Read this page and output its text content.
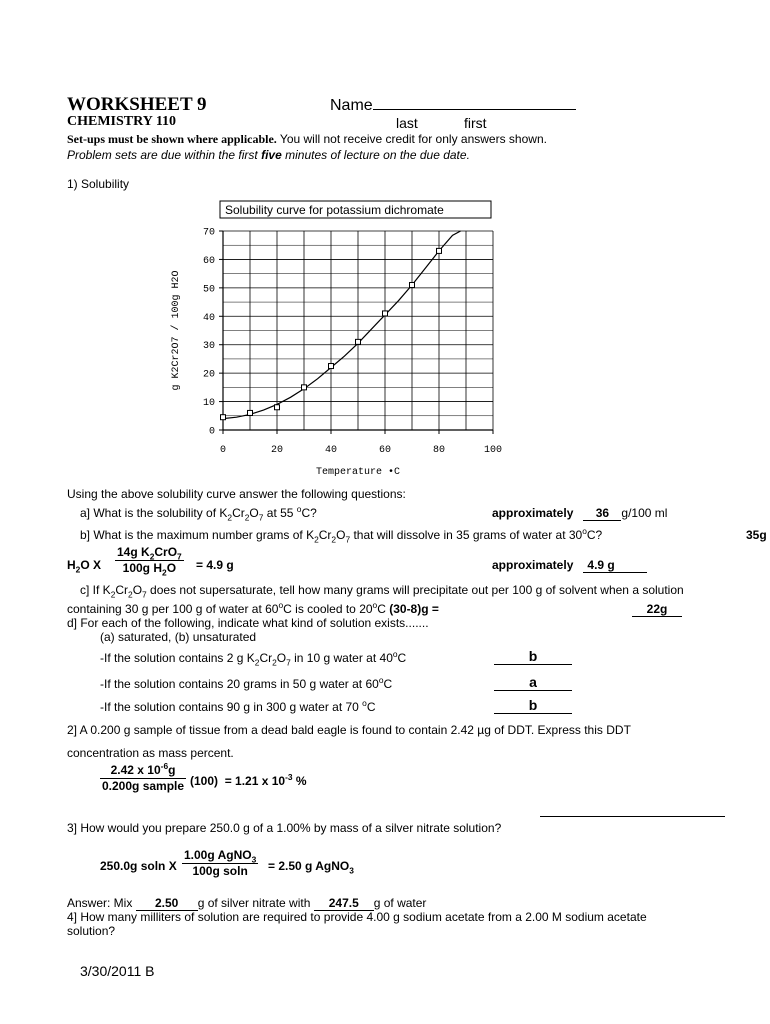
WORKSHEET 9
CHEMISTRY 110
Name
last	first
Set-ups must be shown where applicable. You will not receive credit for only answers shown.
Problem sets are due within the first five minutes of lecture on the due date.
1) Solubility
Solubility curve for potassium dichromate
0
10
20
30
40
50
60
70
0	20	40	60	80	100
g K2Cr2O7 / 100g H2O
Temperature •C
Using the above solubility curve answer the following questions:
a] What is the solubility of $K_2Cr_2O_7$ at 55 $^o$C?	approximately 36 g/100 ml
b] What is the maximum number grams of $K_2Cr_2O_7$ that will dissolve in 35 grams of water at 30$^o$C?	35g
$H_2O$ X
14g $K_2CrO_7$
100g $H_2O$	= 4.9 g	approximately 4.9 g
c] If $K_2Cr_2O_7$ does not supersaturate, tell how many grams will precipitate out per 100 g of solvent when a solution
containing 30 g per 100 g of water at 60$^o$C is cooled to 20$^o$C (30-8)g =	22g
d] For each of the following, indicate what kind of solution exists.......
(a) saturated, (b) unsaturated
-If the solution contains 2 g $K_2Cr_2O_7$ in 10 g water at 40$^o$C	b
-If the solution contains 20 grams in 50 g water at 60$^o$C	a
-If the solution contains 90 g in 300 g water at 70 $^o$C	b
2] A 0.200 g sample of tissue from a dead bald eagle is found to contain 2.42 µg of DDT. Express this DDT
concentration as mass percent.
2.42 x $10^{-6}g$
0.200g sample (100) = 1.21 x $10^{-3}$ %
3] How would you prepare 250.0 g of a 1.00% by mass of a silver nitrate solution?
250.0g soln X
1.00g AgNO$_3$
100g soln	= 2.50 g AgNO$_3$
Answer: Mix 2.50 g of silver nitrate with 247.5 g of water
4] How many milliters of solution are required to provide 4.00 g sodium acetate from a 2.00 M sodium acetate
solution?
3/30/2011 B
